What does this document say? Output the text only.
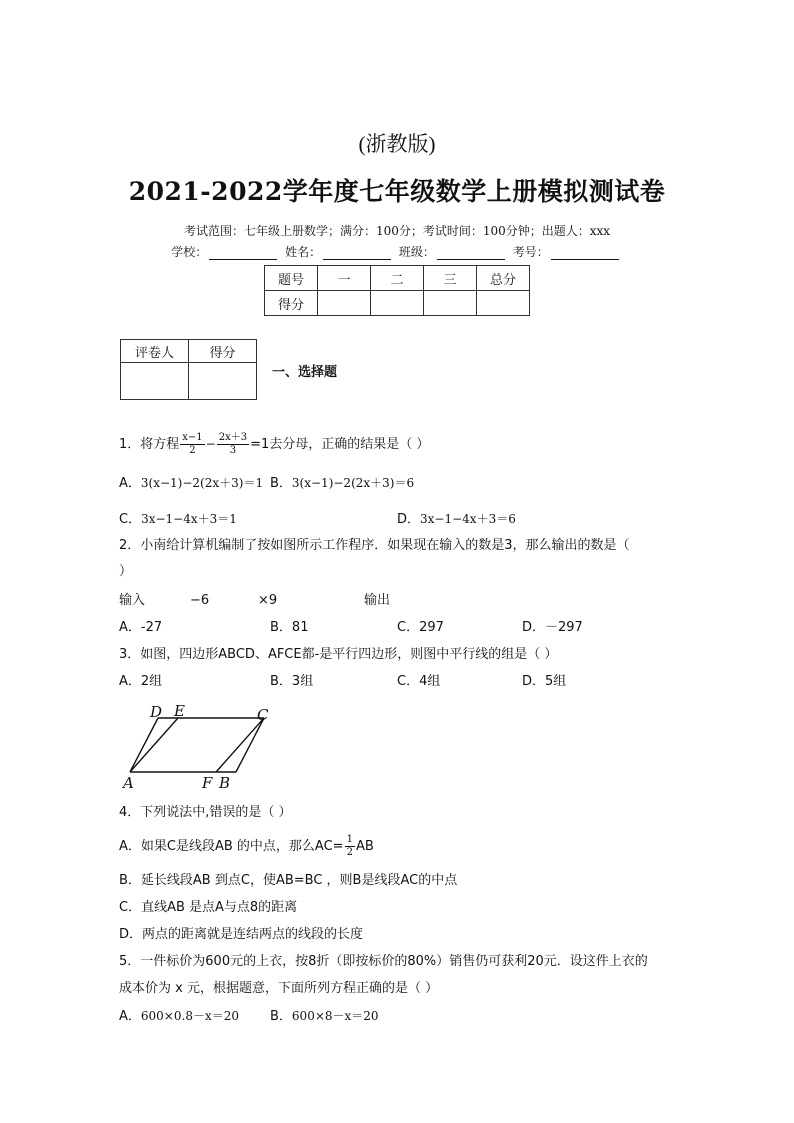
(浙教版)
2021-2022学年度七年级数学上册模拟测试卷
考试范围：七年级上册数学；满分：100分；考试时间：100分钟；出题人：xxx
学校：	姓名：	班级：	考号：
题号	一	二	三	总分
得分				
评卷人	得分

一、选择题
1．将方程 $\frac{x-1}{2} - \frac{2x+3}{3} =1$去分母，正确的结果是（ ）
A．3(x−1)−2(2x＋3)＝1 B．3(x−1)−2(2x＋3)＝6
C．3x−1−4x＋3＝1	D．3x−1−4x＋3＝6
2．小南给计算机编制了按如图所示工作程序．如果现在输入的数是3，那么输出的数是（
）
输入	−6	×9	输出
A．-27	B．81	C．297	D．－297
3．如图，四边形ABCD、AFCE都-是平行四边形，则图中平行线的组是（ ）
A．2组	B．3组	C．4组	D．5组
D E	C
A	F B
4．下列说法中,错误的是（ ）
A．如果C是线段AB 的中点，那么$AC= \frac{1}{2}$ AB
B．延长线段AB 到点C，使AB=BC ，则B是线段AC的中点
C．直线AB 是点A与点8的距离
D．两点的距离就是连结两点的线段的长度
5．一件标价为600元的上衣，按8折（即按标价的80%）销售仍可获利20元．设这件上衣的
成本价为 x 元，根据题意，下面所列方程正确的是（ ）
A．600×0.8－x＝20 B．600×8－x＝20
